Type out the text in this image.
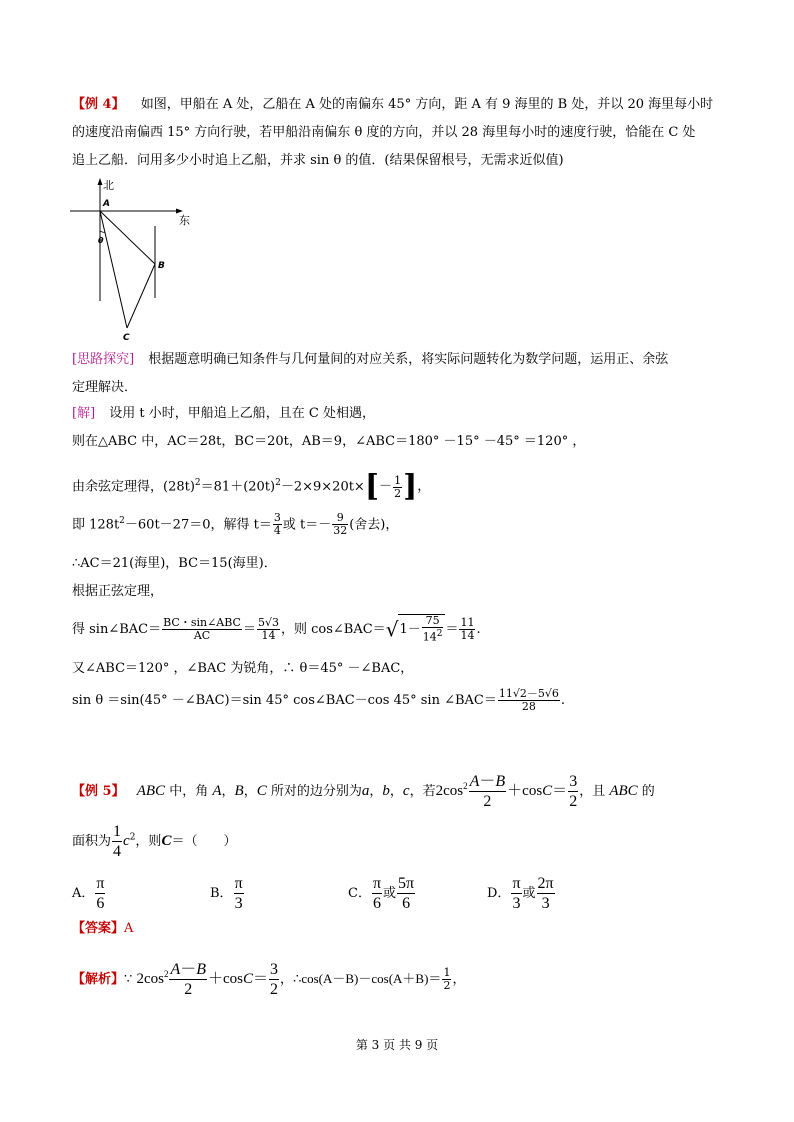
【例 4】 如图，甲船在 A 处，乙船在 A 处的南偏东 45° 方向，距 A 有 9 海里的 B 处，并以 20 海里每小时
的速度沿南偏西 15° 方向行驶，若甲船沿南偏东 θ 度的方向，并以 28 海里每小时的速度行驶，恰能在 C 处
追上乙船．问用多少小时追上乙船，并求 sin θ 的值．(结果保留根号，无需求近似值)
北
东
A
B
C
θ
[思路探究] 根据题意明确已知条件与几何量间的对应关系，将实际问题转化为数学问题，运用正、余弦
定理解决．
[解] 设用 t 小时，甲船追上乙船，且在 C 处相遇，
则在△ABC 中，AC＝28t，BC＝20t，AB＝9，∠ABC＝180° －15° －45° ＝120° ，
由余弦定理得，$(28t)^2=81+(20t)^2-2\times 9\times 20t\times[- \frac{1}{2}$ ]，
即 $128t^2-60t-27=0$，解得 $t= \frac{3}{4}$ 或 $t=- \frac{9}{32}$ (舍去)，
∴AC＝21(海里)，BC＝15(海里)．
根据正弦定理，
得 sin∠BAC＝ $\frac{\text{BC・sin∠ABC}}{AC} = \frac{5√3}{14}$ ，则 cos∠BAC＝√1－ $\frac{75}{14^2} = \frac{11}{14}$ .
又∠ABC＝120° ，∠BAC 为锐角，∴ θ＝45° －∠BAC，
sin θ ＝sin(45° －∠BAC)＝sin 45° cos∠BAC－cos 45° sin ∠BAC＝ $\frac{11√2-5√6}{28}$ .
【例 5】 ABC 中，角 A，B，C 所对的边分别为a，b，c，若$2\cos^2 \frac{A-B}{2} +\cos C= \frac{3}{2}$ ，且 ABC 的
面积为 $\frac{1}{4} c^2$，则C＝（　　）
A． $\frac{\pi}{6}$	B． $\frac{\pi}{3}$	C． $\frac{\pi}{6}$ 或 $\frac{5\pi}{6}$	D． $\frac{\pi}{3}$ 或 $\frac{2\pi}{3}$
【答案】A
【解析】∵ $2\cos^2 \frac{A-B}{2} +\cos C= \frac{3}{2}$ ，∴cos(A－B)－cos(A＋B)＝ $\frac{1}{2}$ ，
第 3 页 共 9 页
